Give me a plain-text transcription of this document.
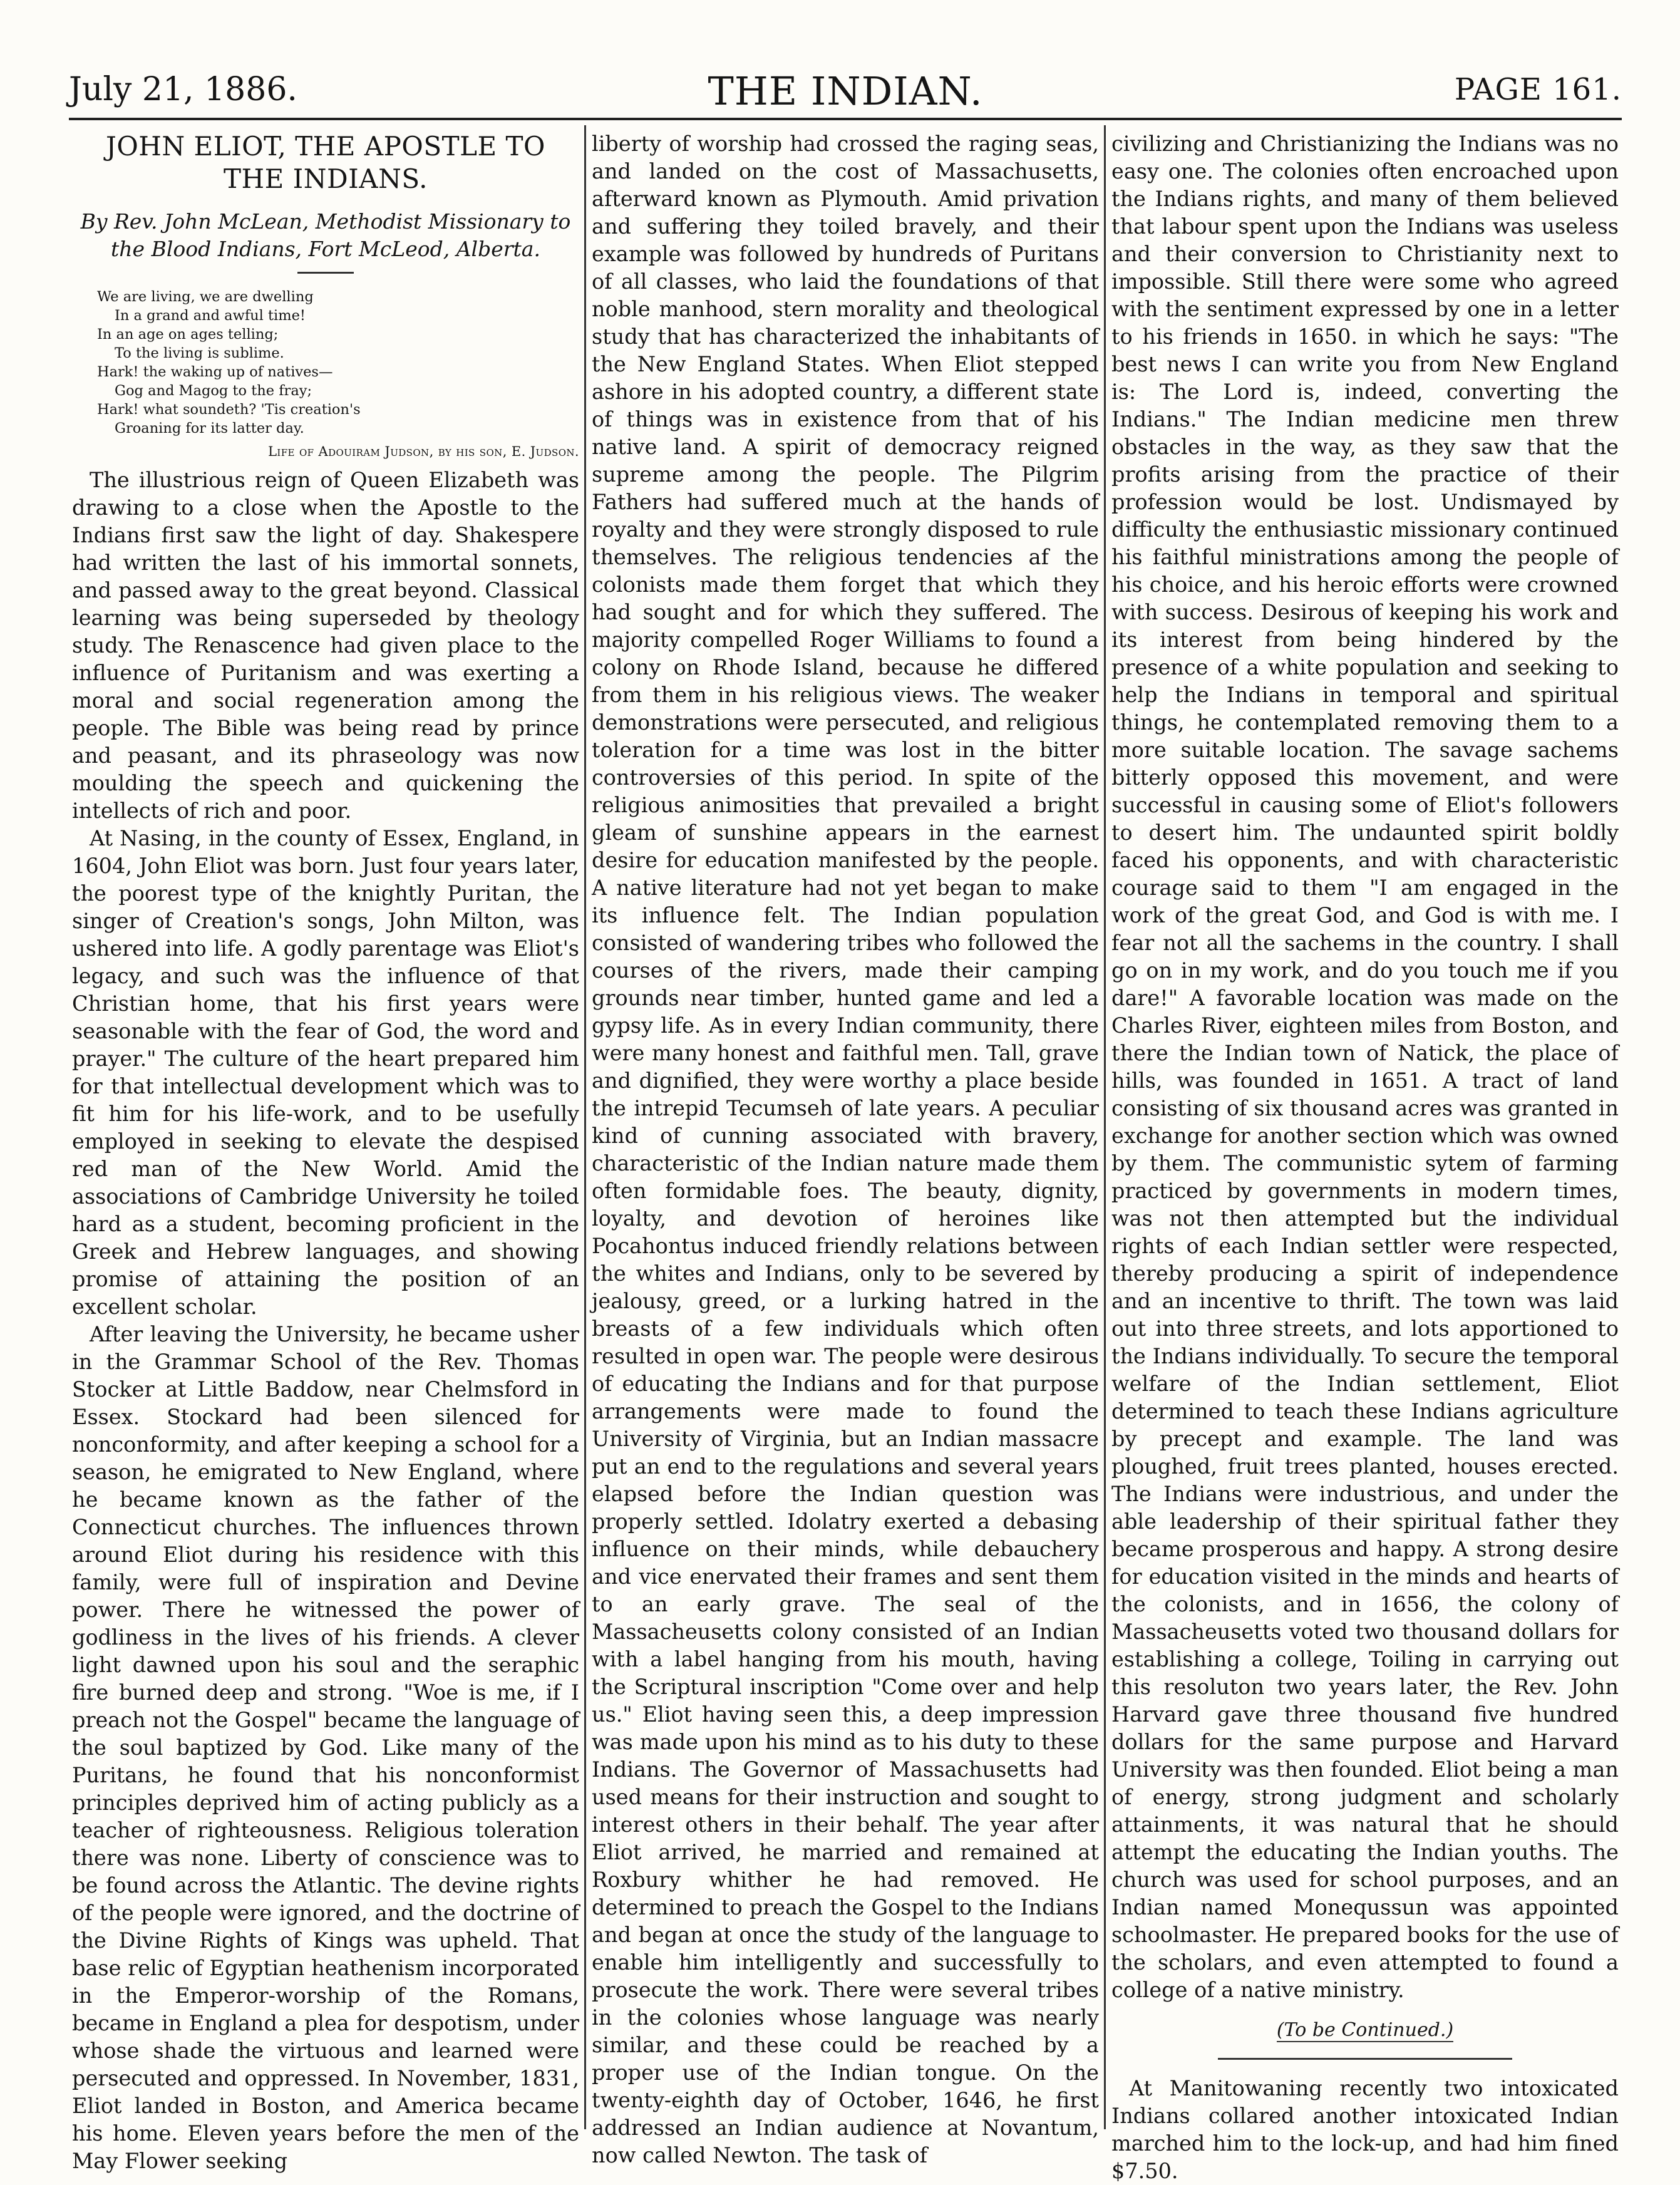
July 21, 1886.	THE INDIAN.	PAGE 161.
JOHN ELIOT, THE APOSTLE TO THE INDIANS.
By Rev. John McLean, Methodist Missionary to the Blood Indians, Fort McLeod, Alberta.
We are living, we are dwelling
In a grand and awful time!
In an age on ages telling;
To the living is sublime.
Hark! the waking up of natives—
Gog and Magog to the fray;
Hark! what soundeth? 'Tis creation's
Groaning for its latter day.
Life of Adouiram Judson, by his son, E. Judson.

The illustrious reign of Queen Elizabeth was drawing to a close when the Apostle to the Indians first saw the light of day. Shakespere had written the last of his immortal sonnets, and passed away to the great beyond. Classical learning was being superseded by theology study. The Renascence had given place to the influence of Puritanism and was exerting a moral and social regeneration among the people. The Bible was being read by prince and peasant, and its phraseology was now moulding the speech and quickening the intellects of rich and poor.

At Nasing, in the county of Essex, England, in 1604, John Eliot was born. Just four years later, the poorest type of the knightly Puritan, the singer of Creation's songs, John Milton, was ushered into life. A godly parentage was Eliot's legacy, and such was the influence of that Christian home, that his first years were seasonable with the fear of God, the word and prayer." The culture of the heart prepared him for that intellectual development which was to fit him for his life-work, and to be usefully employed in seeking to elevate the despised red man of the New World. Amid the associations of Cambridge University he toiled hard as a student, becoming proficient in the Greek and Hebrew languages, and showing promise of attaining the position of an excellent scholar.

After leaving the University, he became usher in the Grammar School of the Rev. Thomas Stocker at Little Baddow, near Chelmsford in Essex. Stockard had been silenced for nonconformity, and after keeping a school for a season, he emigrated to New England, where he became known as the father of the Connecticut churches. The influences thrown around Eliot during his residence with this family, were full of inspiration and Devine power. There he witnessed the power of godliness in the lives of his friends. A clever light dawned upon his soul and the seraphic fire burned deep and strong. "Woe is me, if I preach not the Gospel" became the language of the soul baptized by God. Like many of the Puritans, he found that his nonconformist principles deprived him of acting publicly as a teacher of righteousness. Religious toleration there was none. Liberty of conscience was to be found across the Atlantic. The devine rights of the people were ignored, and the doctrine of the Divine Rights of Kings was upheld. That base relic of Egyptian heathenism incorporated in the Emperor-worship of the Romans, became in England a plea for despotism, under whose shade the virtuous and learned were persecuted and oppressed. In November, 1831, Eliot landed in Boston, and America became his home. Eleven years before the men of the May Flower seeking

liberty of worship had crossed the raging seas, and landed on the cost of Massachusetts, afterward known as Plymouth. Amid privation and suffering they toiled bravely, and their example was followed by hundreds of Puritans of all classes, who laid the foundations of that noble manhood, stern morality and theological study that has characterized the inhabitants of the New England States. When Eliot stepped ashore in his adopted country, a different state of things was in existence from that of his native land. A spirit of democracy reigned supreme among the people. The Pilgrim Fathers had suffered much at the hands of royalty and they were strongly disposed to rule themselves. The religious tendencies af the colonists made them forget that which they had sought and for which they suffered. The majority compelled Roger Williams to found a colony on Rhode Island, because he differed from them in his religious views. The weaker demonstrations were persecuted, and religious toleration for a time was lost in the bitter controversies of this period. In spite of the religious animosities that prevailed a bright gleam of sunshine appears in the earnest desire for education manifested by the people. A native literature had not yet began to make its influence felt. The Indian population consisted of wandering tribes who followed the courses of the rivers, made their camping grounds near timber, hunted game and led a gypsy life. As in every Indian community, there were many honest and faithful men. Tall, grave and dignified, they were worthy a place beside the intrepid Tecumseh of late years. A peculiar kind of cunning associated with bravery, characteristic of the Indian nature made them often formidable foes. The beauty, dignity, loyalty, and devotion of heroines like Pocahontus induced friendly relations between the whites and Indians, only to be severed by jealousy, greed, or a lurking hatred in the breasts of a few individuals which often resulted in open war. The people were desirous of educating the Indians and for that purpose arrangements were made to found the University of Virginia, but an Indian massacre put an end to the regulations and several years elapsed before the Indian question was properly settled. Idolatry exerted a debasing influence on their minds, while debauchery and vice enervated their frames and sent them to an early grave. The seal of the Massacheusetts colony consisted of an Indian with a label hanging from his mouth, having the Scriptural inscription "Come over and help us." Eliot having seen this, a deep impression was made upon his mind as to his duty to these Indians. The Governor of Massachusetts had used means for their instruction and sought to interest others in their behalf. The year after Eliot arrived, he married and remained at Roxbury whither he had removed. He determined to preach the Gospel to the Indians and began at once the study of the language to enable him intelligently and successfully to prosecute the work. There were several tribes in the colonies whose language was nearly similar, and these could be reached by a proper use of the Indian tongue. On the twenty-eighth day of October, 1646, he first addressed an Indian audience at Novantum, now called Newton. The task of

civilizing and Christianizing the Indians was no easy one. The colonies often encroached upon the Indians rights, and many of them believed that labour spent upon the Indians was useless and their conversion to Christianity next to impossible. Still there were some who agreed with the sentiment expressed by one in a letter to his friends in 1650. in which he says: "The best news I can write you from New England is: The Lord is, indeed, converting the Indians." The Indian medicine men threw obstacles in the way, as they saw that the profits arising from the practice of their profession would be lost. Undismayed by difficulty the enthusiastic missionary continued his faithful ministrations among the people of his choice, and his heroic efforts were crowned with success. Desirous of keeping his work and its interest from being hindered by the presence of a white population and seeking to help the Indians in temporal and spiritual things, he contemplated removing them to a more suitable location. The savage sachems bitterly opposed this movement, and were successful in causing some of Eliot's followers to desert him. The undaunted spirit boldly faced his opponents, and with characteristic courage said to them "I am engaged in the work of the great God, and God is with me. I fear not all the sachems in the country. I shall go on in my work, and do you touch me if you dare!" A favorable location was made on the Charles River, eighteen miles from Boston, and there the Indian town of Natick, the place of hills, was founded in 1651. A tract of land consisting of six thousand acres was granted in exchange for another section which was owned by them. The communistic sytem of farming practiced by governments in modern times, was not then attempted but the individual rights of each Indian settler were respected, thereby producing a spirit of independence and an incentive to thrift. The town was laid out into three streets, and lots apportioned to the Indians individually. To secure the temporal welfare of the Indian settlement, Eliot determined to teach these Indians agriculture by precept and example. The land was ploughed, fruit trees planted, houses erected. The Indians were industrious, and under the able leadership of their spiritual father they became prosperous and happy. A strong desire for education visited in the minds and hearts of the colonists, and in 1656, the colony of Massacheusetts voted two thousand dollars for establishing a college, Toiling in carrying out this resoluton two years later, the Rev. John Harvard gave three thousand five hundred dollars for the same purpose and Harvard University was then founded. Eliot being a man of energy, strong judgment and scholarly attainments, it was natural that he should attempt the educating the Indian youths. The church was used for school purposes, and an Indian named Monequssun was appointed schoolmaster. He prepared books for the use of the scholars, and even attempted to found a college of a native ministry.

(To be Continued.)

At Manitowaning recently two intoxicated Indians collared another intoxicated Indian marched him to the lock-up, and had him fined $7.50.
